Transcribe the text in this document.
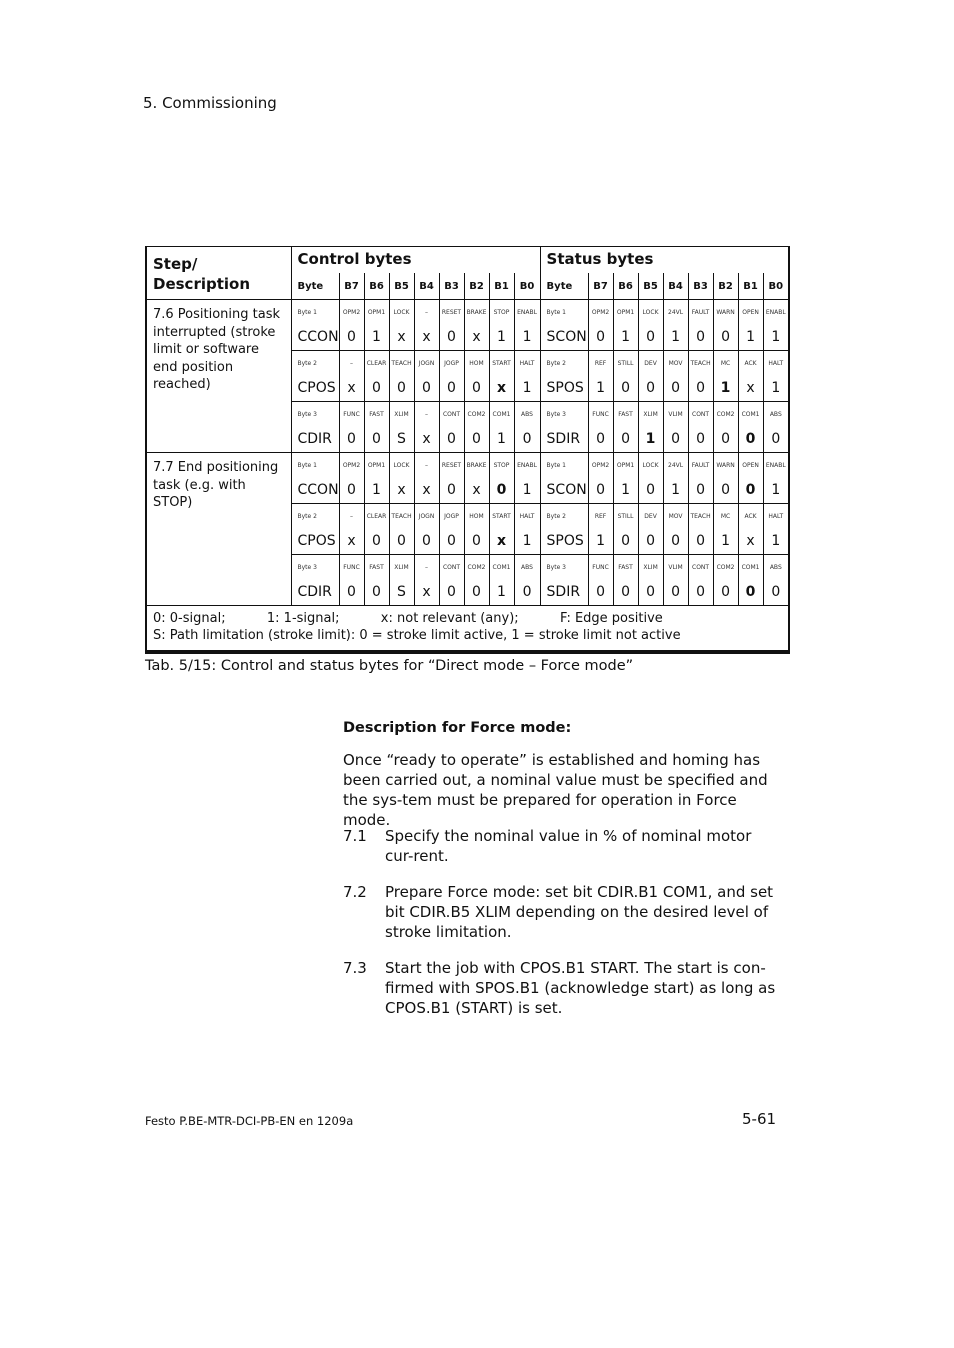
5. Commissioning
Step/
Description	Control bytes									Status bytes								
	Byte	B7	B6	B5	B4	B3	B2	B1	B0	Byte	B7	B6	B5	B4	B3	B2	B1	B0
7.6 Positioning task interrupted (stroke limit or software end position reached)	Byte 1	OPM2	OPM1	LOCK	–	RESET	BRAKE	STOP	ENABL	Byte 1	OPM2	OPM1	LOCK	24VL	FAULT	WARN	OPEN	ENABL
	CCON	0	1	x	x	0	x	1	1	SCON	0	1	0	1	0	0	1	1
	Byte 2	–	CLEAR	TEACH	JOGN	JOGP	HOM	START	HALT	Byte 2	REF	STILL	DEV	MOV	TEACH	MC	ACK	HALT
	CPOS	x	0	0	0	0	0	x	1	SPOS	1	0	0	0	0	1	x	1
	Byte 3	FUNC	FAST	XLIM	–	CONT	COM2	COM1	ABS	Byte 3	FUNC	FAST	XLIM	VLIM	CONT	COM2	COM1	ABS
	CDIR	0	0	S	x	0	0	1	0	SDIR	0	0	1	0	0	0	0	0
7.7 End positioning task (e.g. with STOP)	Byte 1	OPM2	OPM1	LOCK	–	RESET	BRAKE	STOP	ENABL	Byte 1	OPM2	OPM1	LOCK	24VL	FAULT	WARN	OPEN	ENABL
	CCON	0	1	x	x	0	x	0	1	SCON	0	1	0	1	0	0	0	1
	Byte 2	–	CLEAR	TEACH	JOGN	JOGP	HOM	START	HALT	Byte 2	REF	STILL	DEV	MOV	TEACH	MC	ACK	HALT
	CPOS	x	0	0	0	0	0	x	1	SPOS	1	0	0	0	0	1	x	1
	Byte 3	FUNC	FAST	XLIM	–	CONT	COM2	COM1	ABS	Byte 3	FUNC	FAST	XLIM	VLIM	CONT	COM2	COM1	ABS
	CDIR	0	0	S	x	0	0	1	0	SDIR	0	0	0	0	0	0	0	0

0: 0-signal;          1: 1-signal;          x: not relevant (any);          F: Edge positive
S: Path limitation (stroke limit): 0 = stroke limit active, 1 = stroke limit not active																		
Tab. 5/15: Control and status bytes for “Direct mode – Force mode”
Description for Force mode:
Once “ready to operate” is established and homing has been carried out, a nominal value must be specified and the sys-tem must be prepared for operation in Force mode.
7.1 Specify the nominal value in % of nominal motor cur-rent.
7.2 Prepare Force mode: set bit CDIR.B1 COM1, and set bit CDIR.B5 XLIM depending on the desired level of stroke limitation.
7.3 Start the job with CPOS.B1 START. The start is con-firmed with SPOS.B1 (acknowledge start) as long as CPOS.B1 (START) is set.
Festo P.BE-MTR-DCI-PB-EN en 1209a	5-61
